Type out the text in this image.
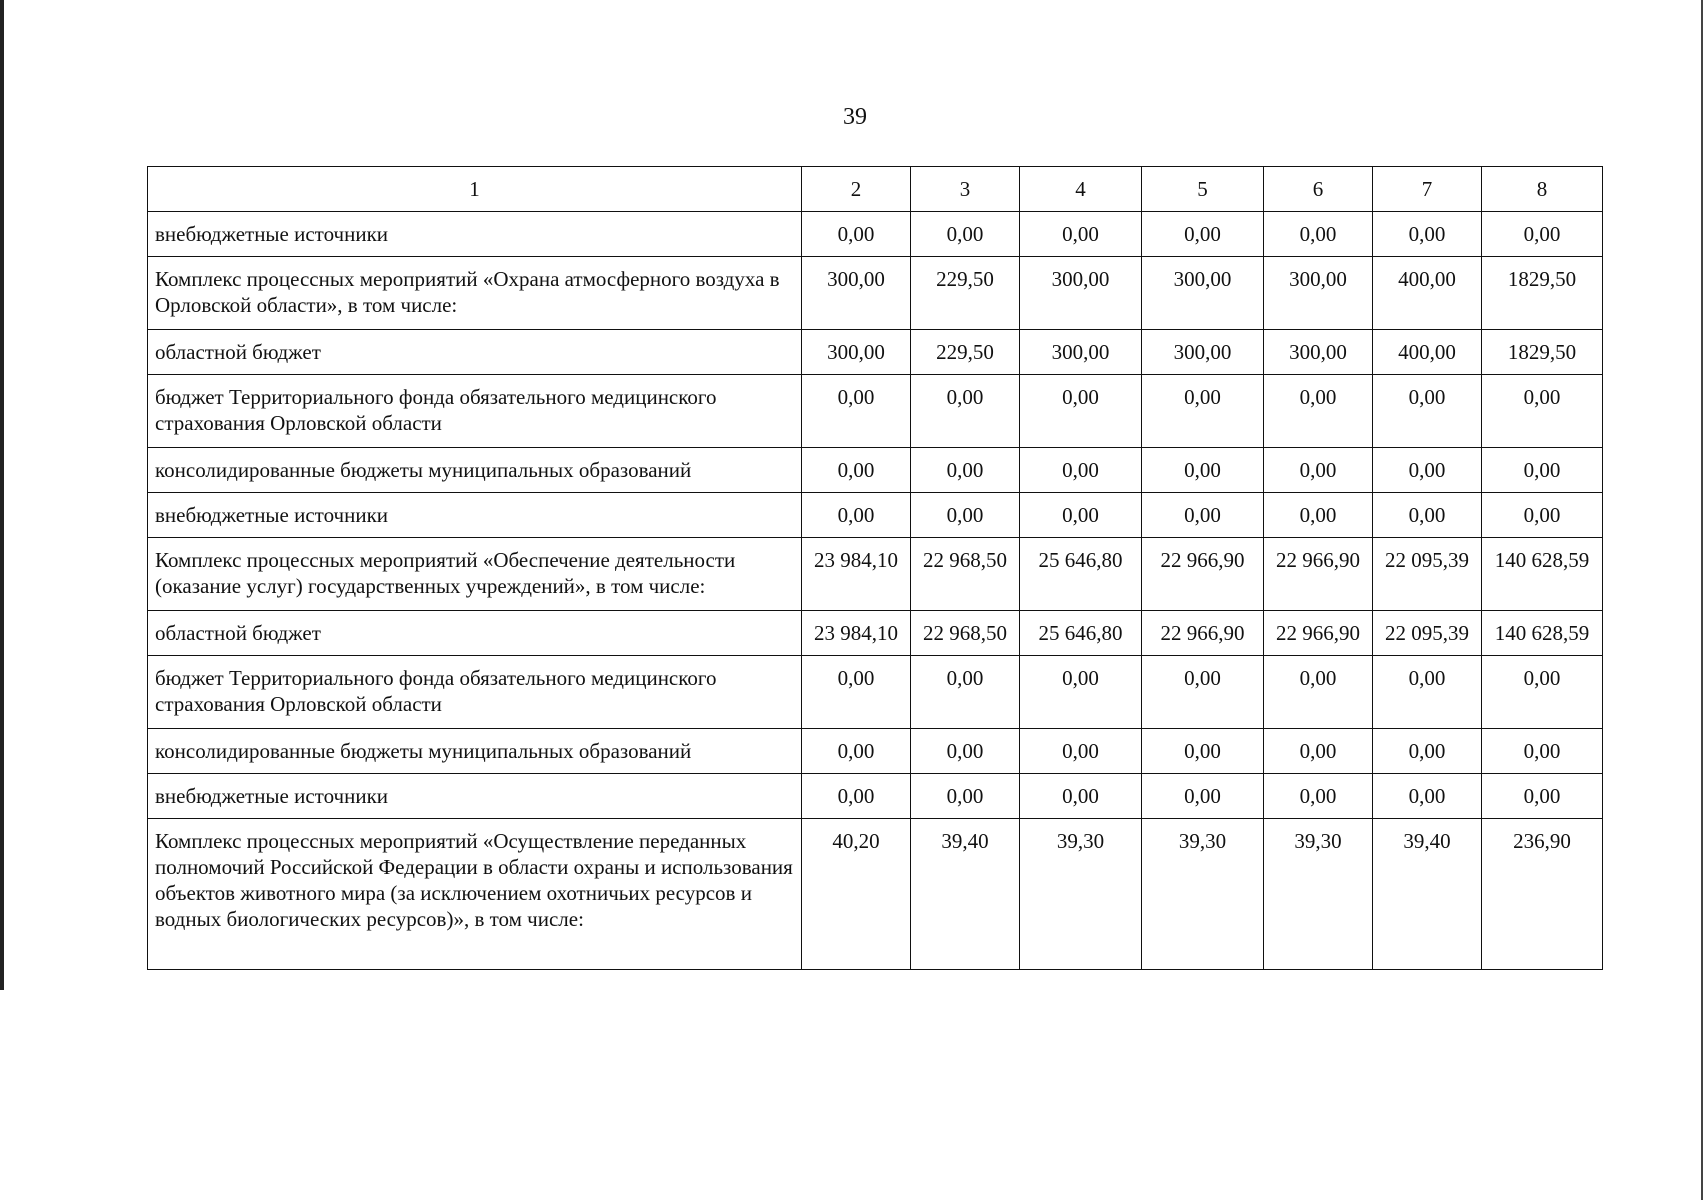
39
1	2	3	4	5	6	7	8
внебюджетные источники	0,00	0,00	0,00	0,00	0,00	0,00	0,00
Комплекс процессных мероприятий «Охрана атмосферного воздуха в Орловской области», в том числе:	300,00	229,50	300,00	300,00	300,00	400,00	1829,50
областной бюджет	300,00	229,50	300,00	300,00	300,00	400,00	1829,50
бюджет Территориального фонда обязательного медицинского страхования Орловской области	0,00	0,00	0,00	0,00	0,00	0,00	0,00
консолидированные бюджеты муниципальных образований	0,00	0,00	0,00	0,00	0,00	0,00	0,00
внебюджетные источники	0,00	0,00	0,00	0,00	0,00	0,00	0,00
Комплекс процессных мероприятий «Обеспечение деятельности (оказание услуг) государственных учреждений», в том числе:	23 984,10	22 968,50	25 646,80	22 966,90	22 966,90	22 095,39	140 628,59
областной бюджет	23 984,10	22 968,50	25 646,80	22 966,90	22 966,90	22 095,39	140 628,59
бюджет Территориального фонда обязательного медицинского страхования Орловской области	0,00	0,00	0,00	0,00	0,00	0,00	0,00
консолидированные бюджеты муниципальных образований	0,00	0,00	0,00	0,00	0,00	0,00	0,00
внебюджетные источники	0,00	0,00	0,00	0,00	0,00	0,00	0,00
Комплекс процессных мероприятий «Осуществление переданных полномочий Российской Федерации в области охраны и использования объектов животного мира (за исключением охотничьих ресурсов и водных биологических ресурсов)», в том числе:	40,20	39,40	39,30	39,30	39,30	39,40	236,90
